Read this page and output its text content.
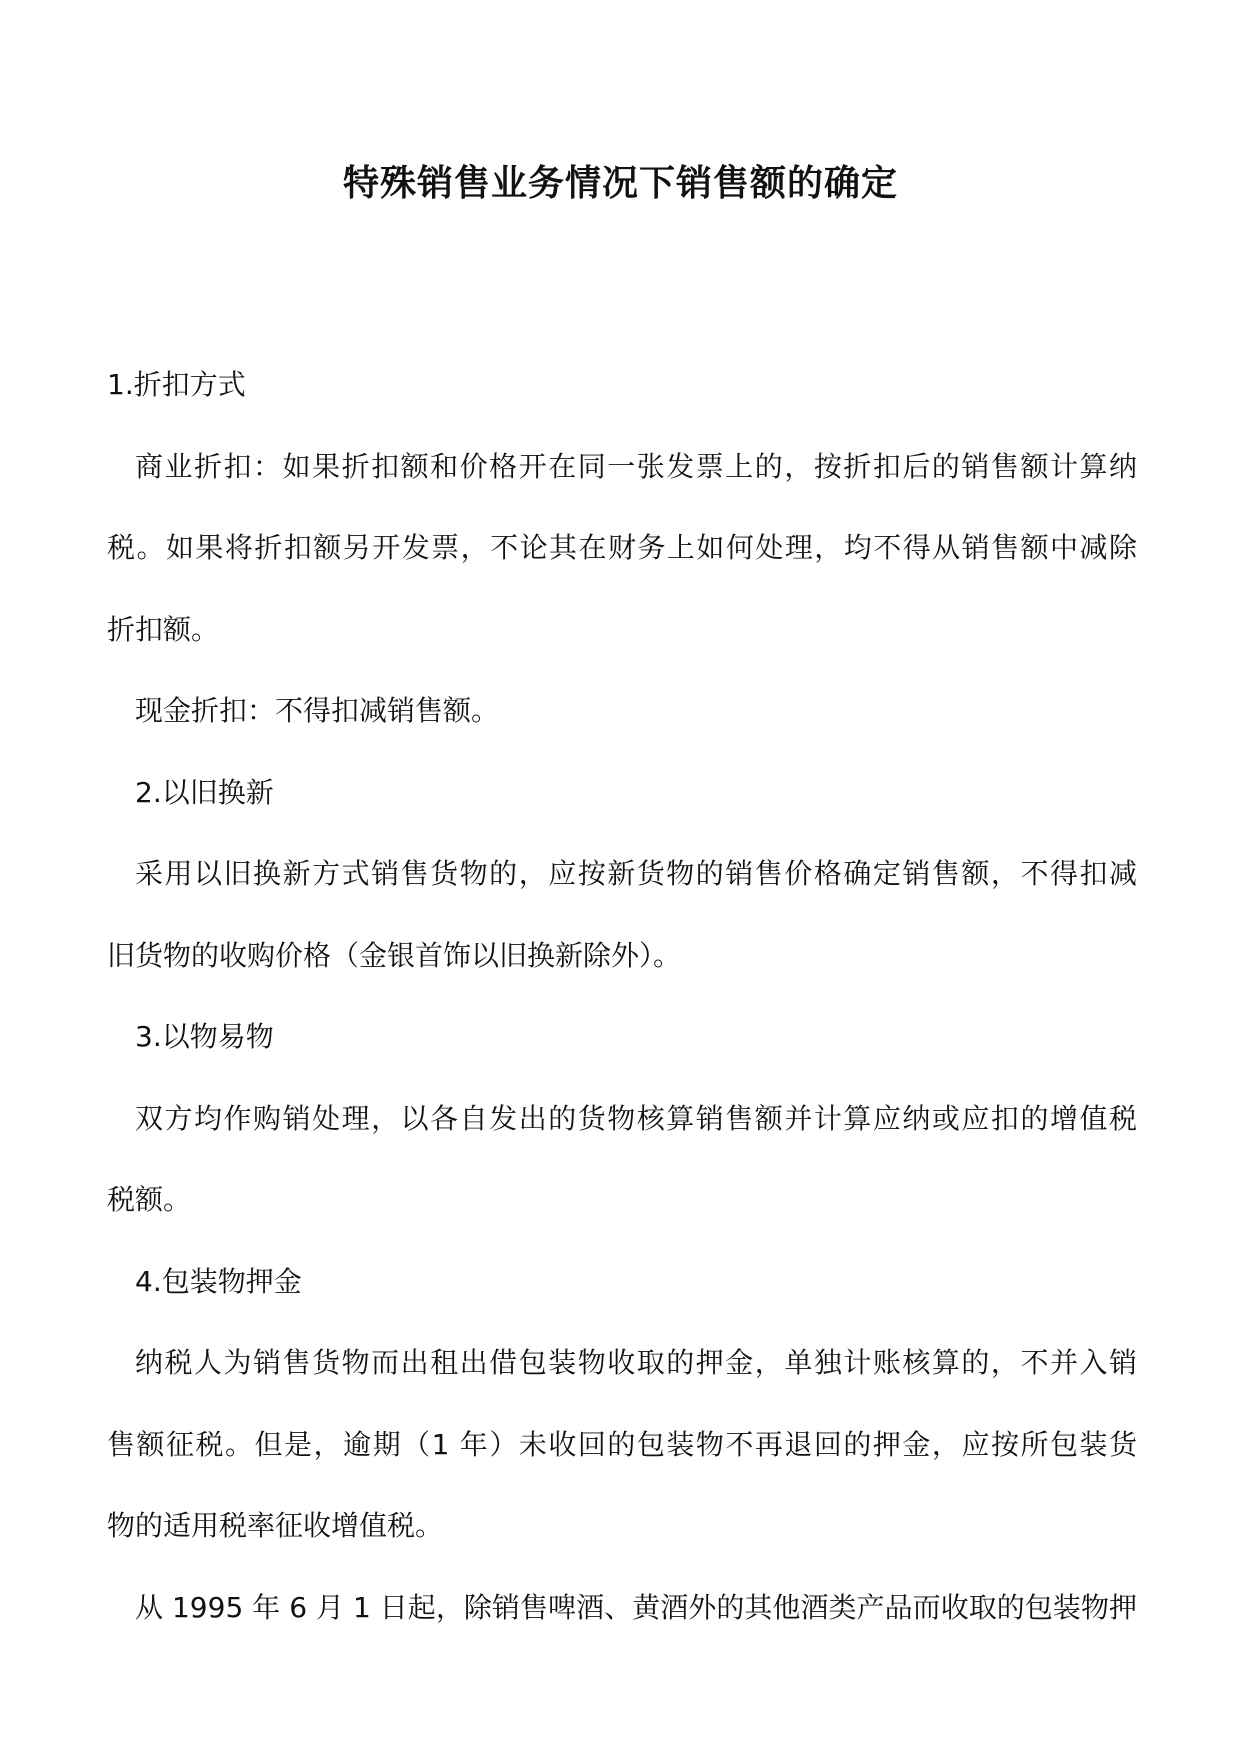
特殊销售业务情况下销售额的确定
1.折扣方式
商业折扣：如果折扣额和价格开在同一张发票上的，按折扣后的销售额计算纳
税。如果将折扣额另开发票，不论其在财务上如何处理，均不得从销售额中减除
折扣额。
现金折扣：不得扣减销售额。
2.以旧换新
采用以旧换新方式销售货物的，应按新货物的销售价格确定销售额，不得扣减
旧货物的收购价格（金银首饰以旧换新除外）。
3.以物易物
双方均作购销处理，以各自发出的货物核算销售额并计算应纳或应扣的增值税
税额。
4.包装物押金
纳税人为销售货物而出租出借包装物收取的押金，单独计账核算的，不并入销
售额征税。但是，逾期（1 年）未收回的包装物不再退回的押金，应按所包装货
物的适用税率征收增值税。
从 1995 年 6 月 1 日起，除销售啤酒、黄酒外的其他酒类产品而收取的包装物押
